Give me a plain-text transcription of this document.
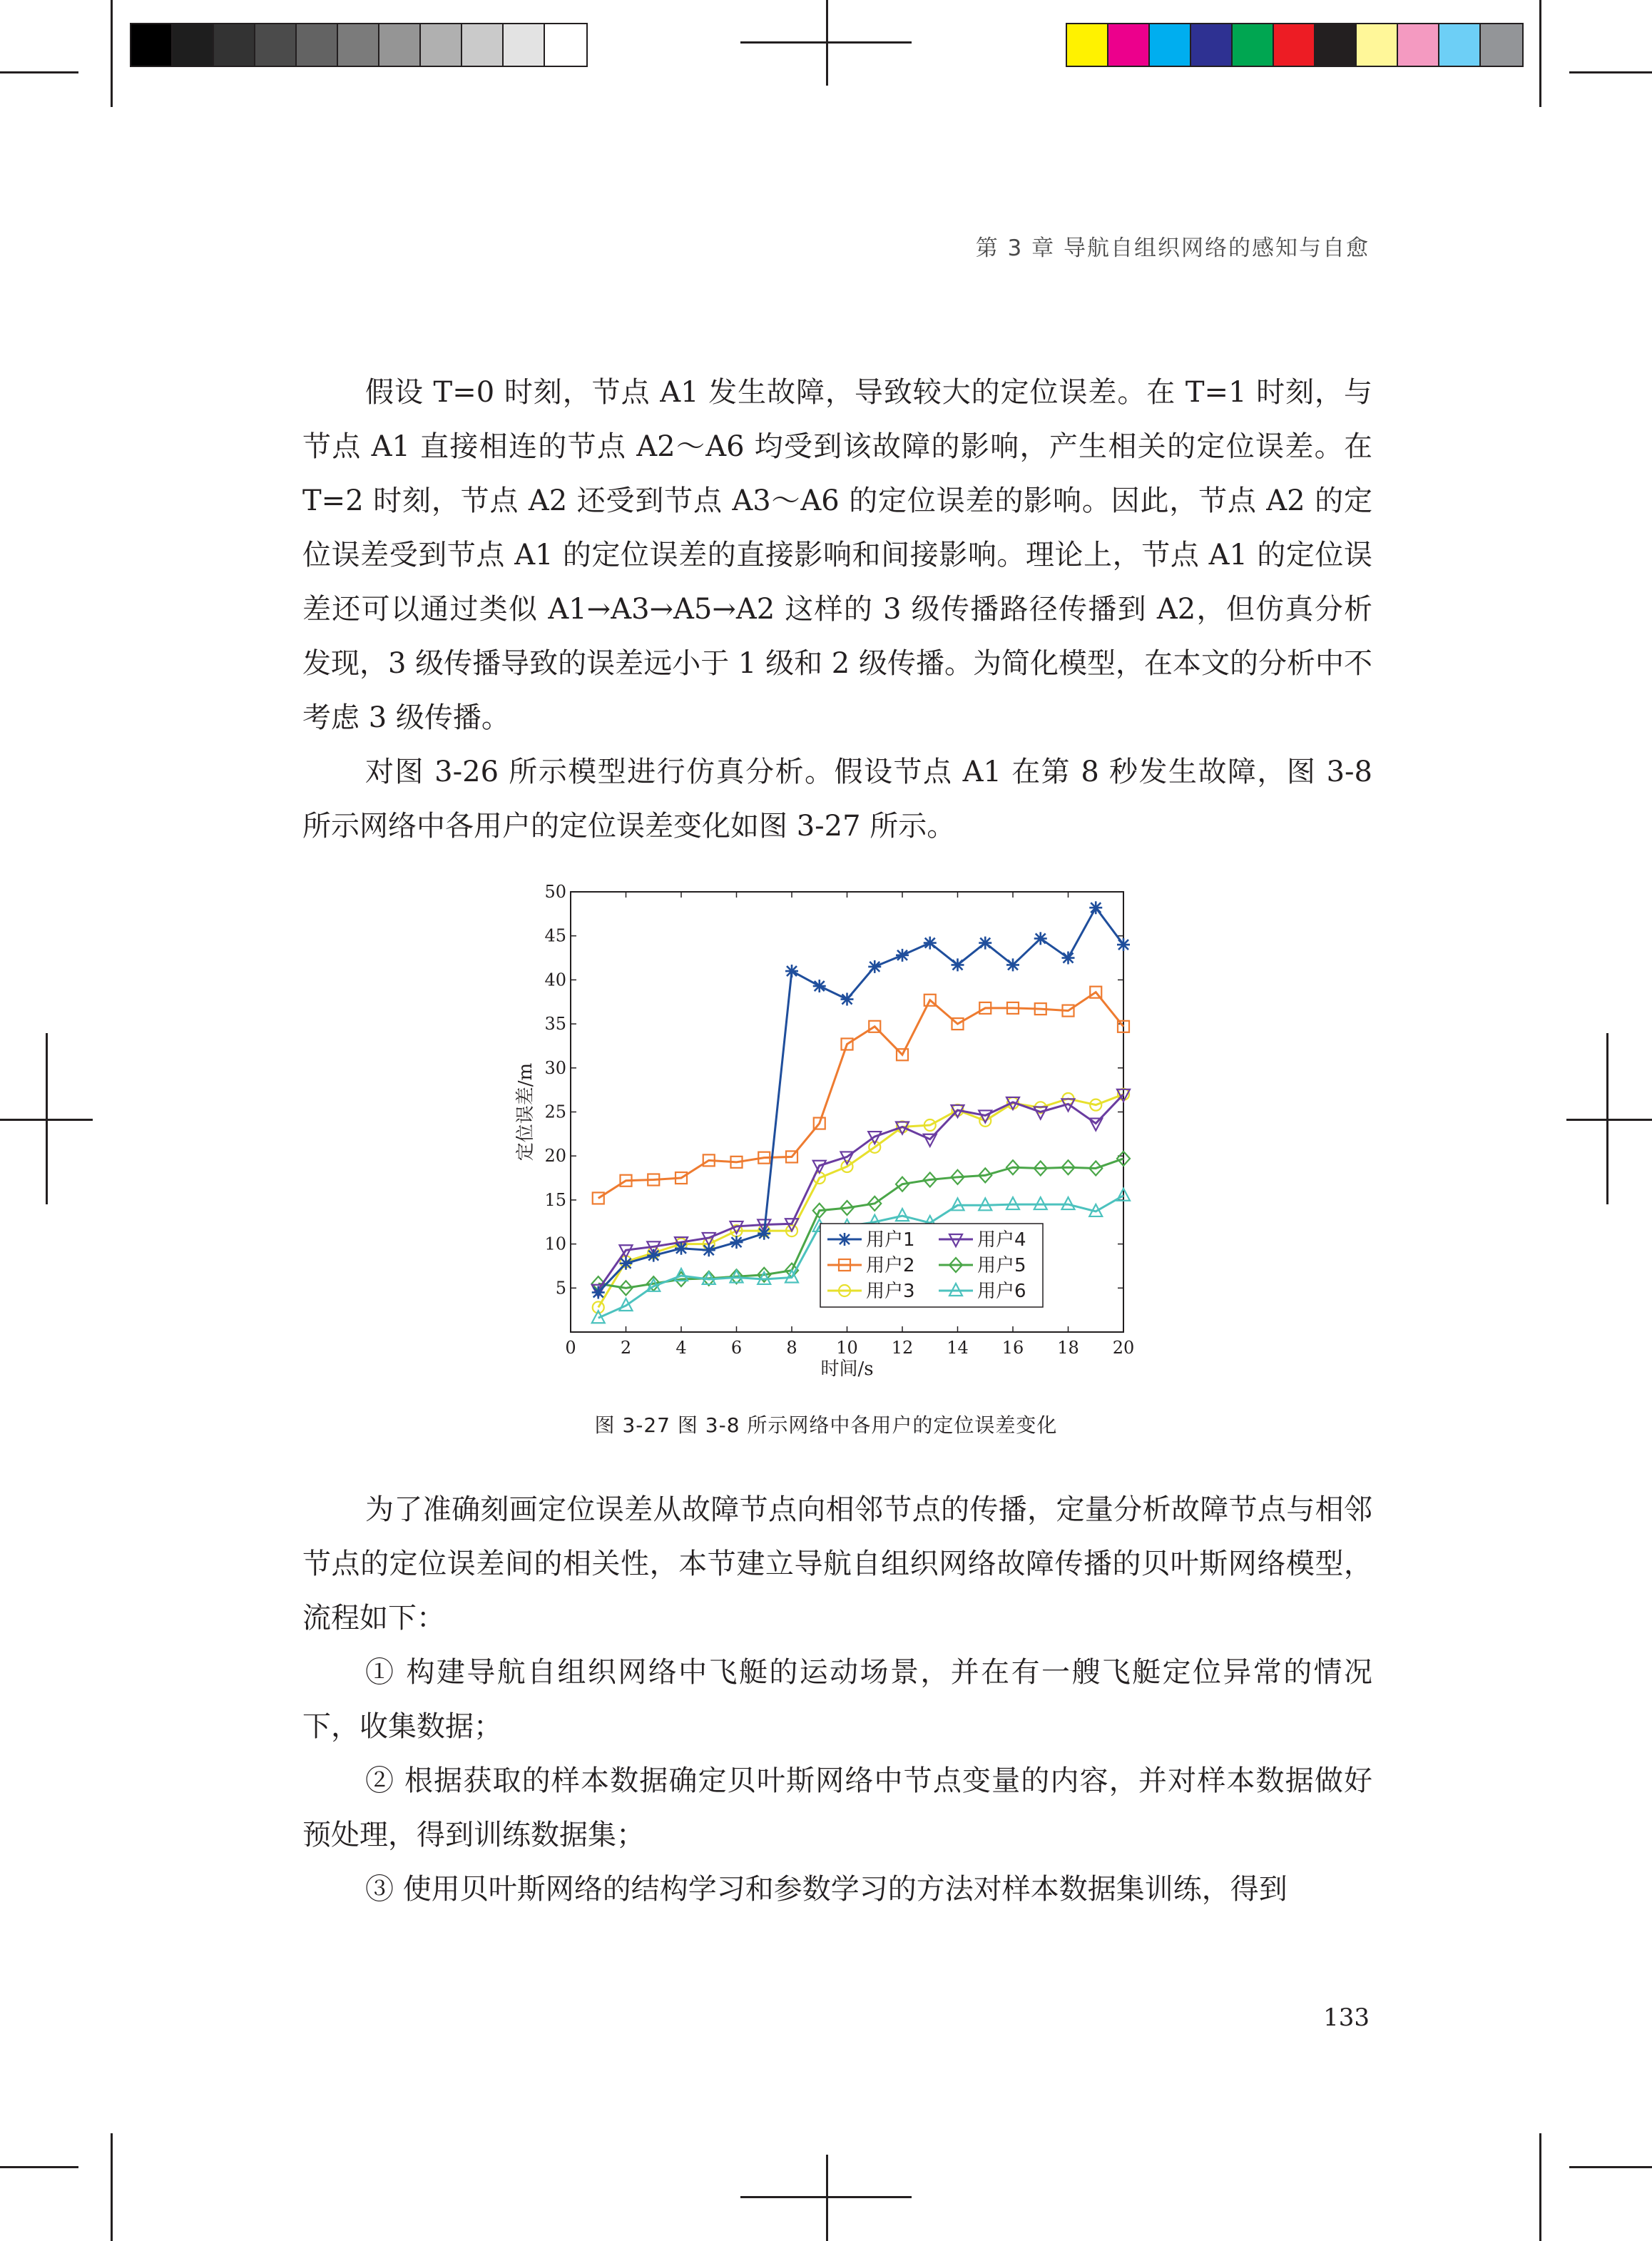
第 3 章 导航自组织网络的感知与自愈

假设 T=0 时刻，节点 A1 发生故障，导致较大的定位误差。在 T=1 时刻，与节点 A1 直接相连的节点 A2～A6 均受到该故障的影响，产生相关的定位误差。在 T=2 时刻，节点 A2 还受到节点 A3～A6 的定位误差的影响。因此，节点 A2 的定位误差受到节点 A1 的定位误差的直接影响和间接影响。理论上，节点 A1 的定位误差还可以通过类似 A1→A3→A5→A2 这样的 3 级传播路径传播到 A2，但仿真分析发现，3 级传播导致的误差远小于 1 级和 2 级传播。为简化模型，在本文的分析中不考虑 3 级传播。

对图 3-26 所示模型进行仿真分析。假设节点 A1 在第 8 秒发生故障，图 3-8 所示网络中各用户的定位误差变化如图 3-27 所示。

0	2	4	6	8 10 12 14 16 18 20
5
10
15
20
25
30
35
40
45
50
时间/s
定位误差/m
用户1
用户2
用户3
用户4
用户5
用户6
图 3-27 图 3-8 所示网络中各用户的定位误差变化

为了准确刻画定位误差从故障节点向相邻节点的传播，定量分析故障节点与相邻节点的定位误差间的相关性，本节建立导航自组织网络故障传播的贝叶斯网络模型，流程如下：

① 构建导航自组织网络中飞艇的运动场景，并在有一艘飞艇定位异常的情况下，收集数据；

② 根据获取的样本数据确定贝叶斯网络中节点变量的内容，并对样本数据做好预处理，得到训练数据集；

③ 使用贝叶斯网络的结构学习和参数学习的方法对样本数据集训练，得到

133
